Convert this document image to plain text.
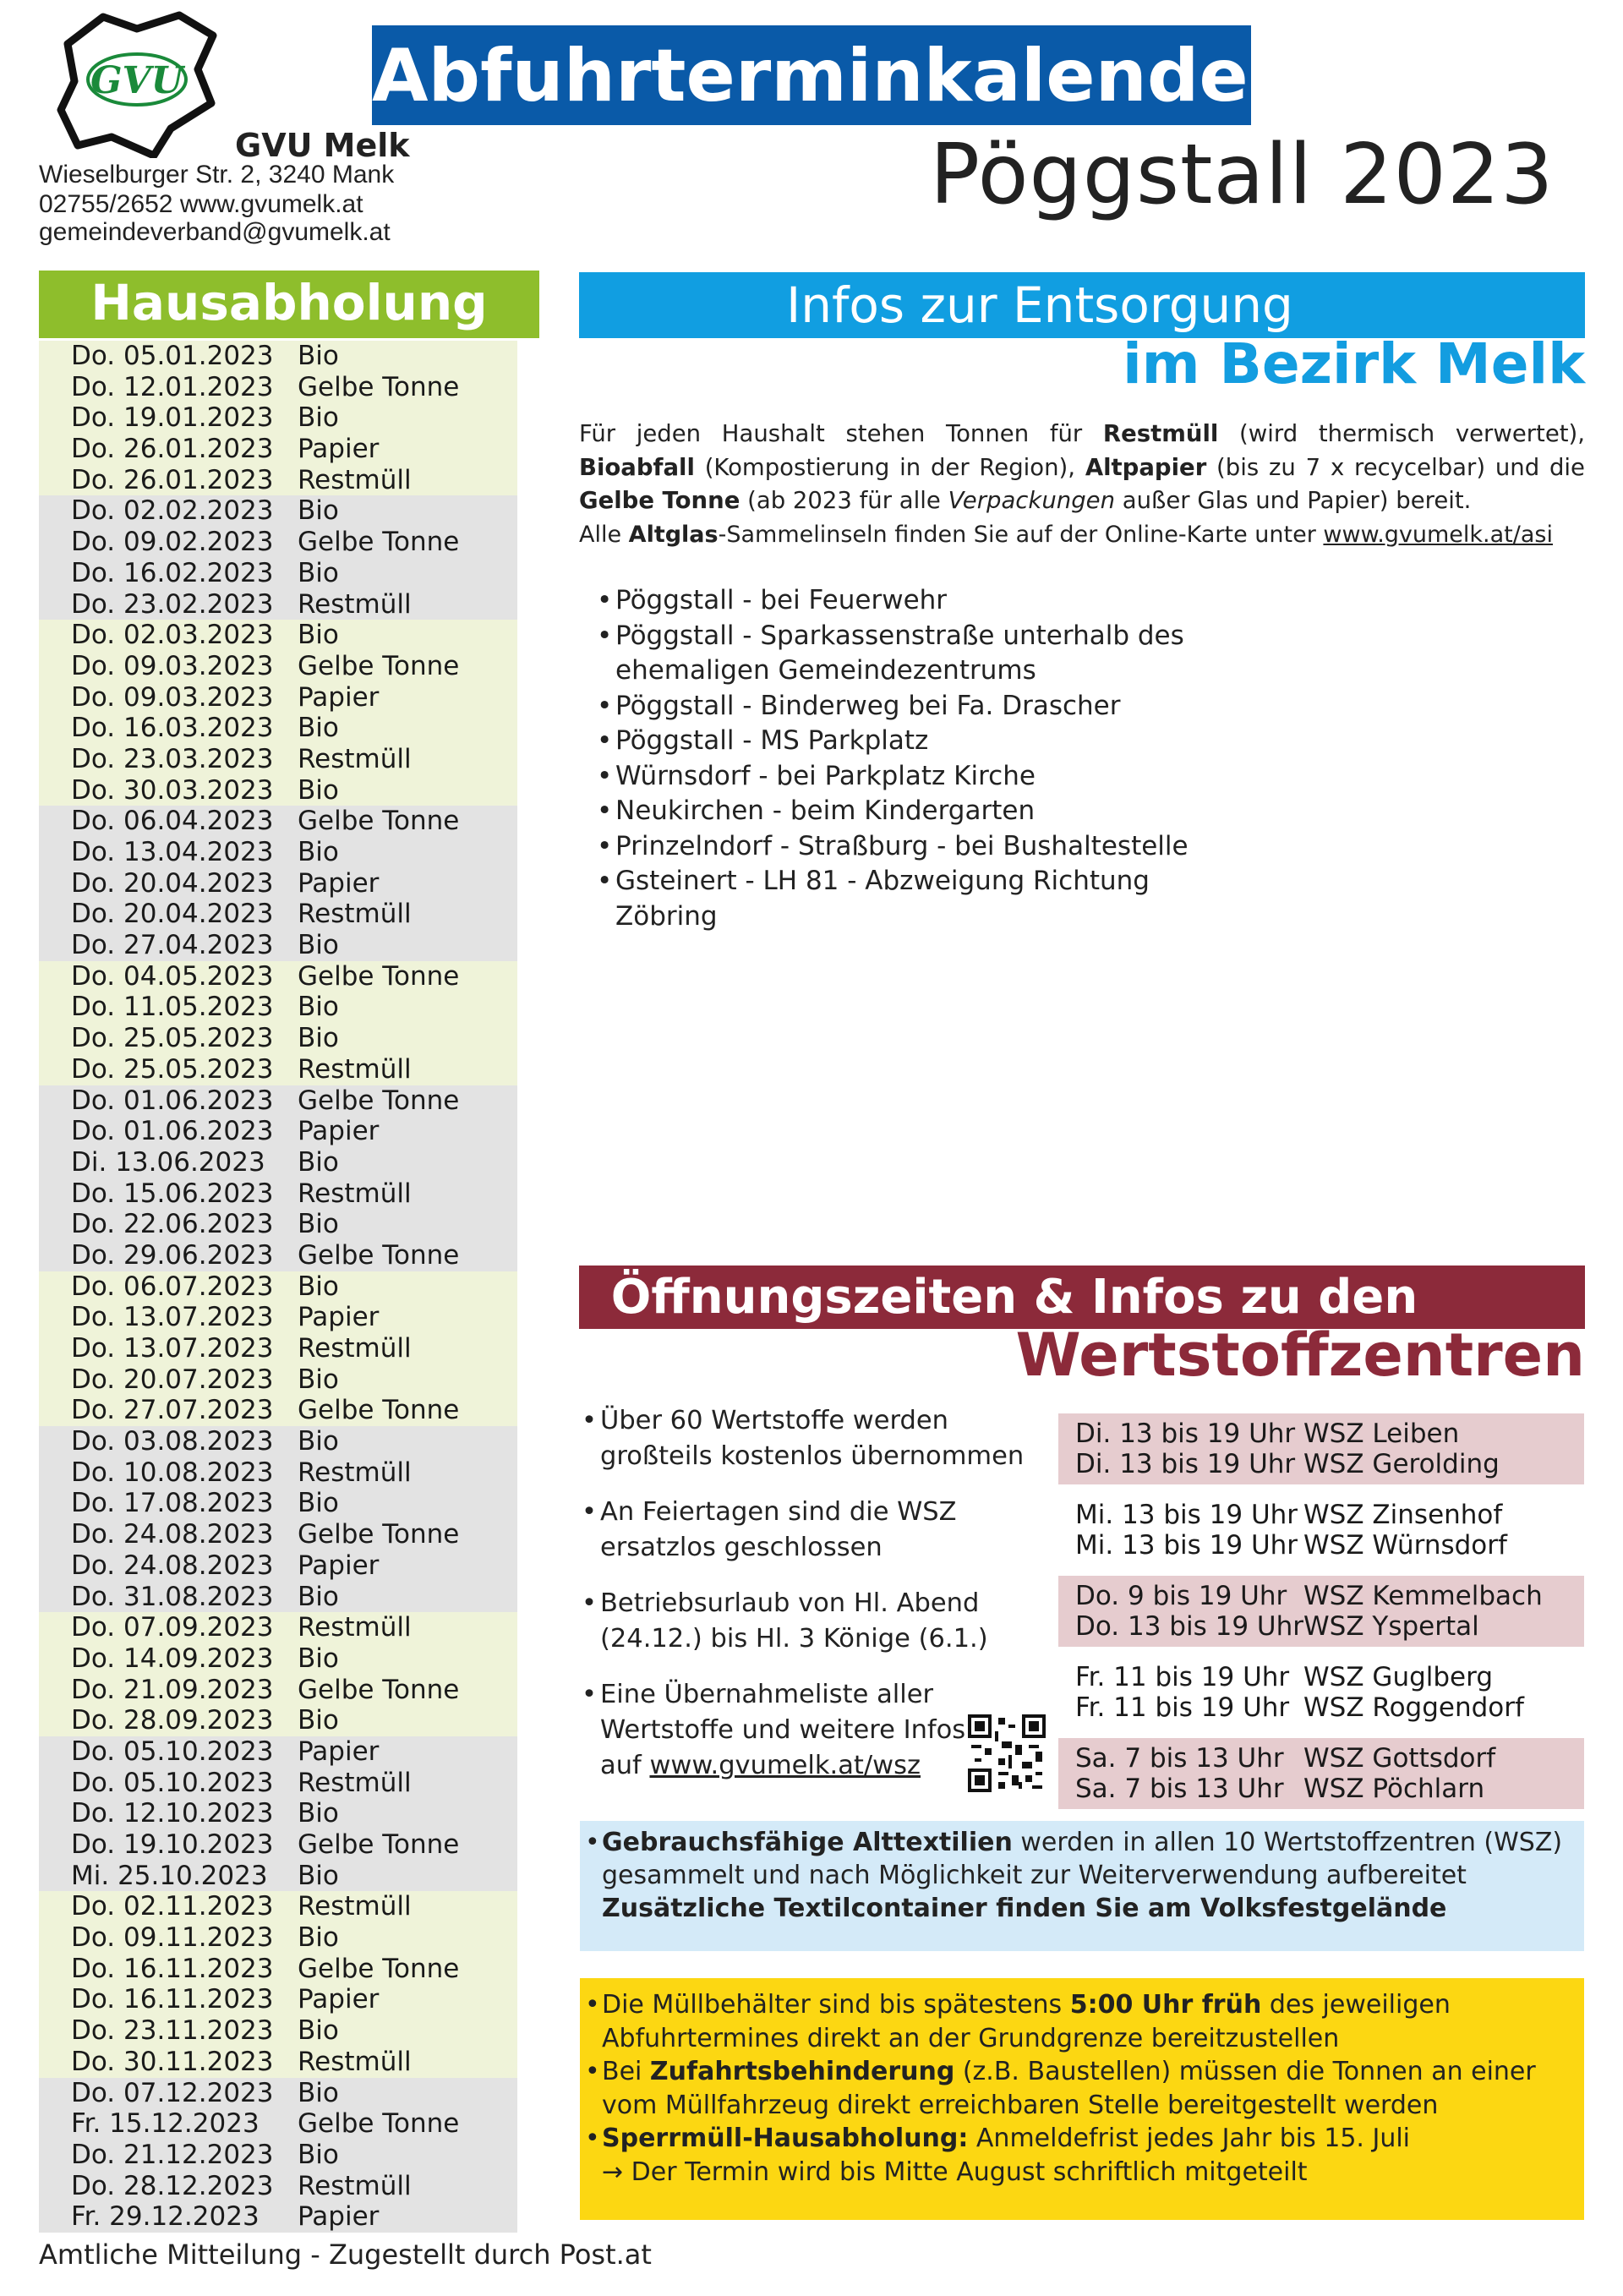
Abfuhrterminkalender
GVU
GVU Melk
Wieselburger Str. 2, 3240 Mank
02755/2652 www.gvumelk.at
gemeindeverband@gvumelk.at
Pöggstall 2023
Hausabholung
Do. 05.01.2023 Bio
Do. 12.01.2023 Gelbe Tonne
Do. 19.01.2023 Bio
Do. 26.01.2023 Papier
Do. 26.01.2023 Restmüll
Do. 02.02.2023 Bio
Do. 09.02.2023 Gelbe Tonne
Do. 16.02.2023 Bio
Do. 23.02.2023 Restmüll
Do. 02.03.2023 Bio
Do. 09.03.2023 Gelbe Tonne
Do. 09.03.2023 Papier
Do. 16.03.2023 Bio
Do. 23.03.2023 Restmüll
Do. 30.03.2023 Bio
Do. 06.04.2023 Gelbe Tonne
Do. 13.04.2023 Bio
Do. 20.04.2023 Papier
Do. 20.04.2023 Restmüll
Do. 27.04.2023 Bio
Do. 04.05.2023 Gelbe Tonne
Do. 11.05.2023 Bio
Do. 25.05.2023 Bio
Do. 25.05.2023 Restmüll
Do. 01.06.2023 Gelbe Tonne
Do. 01.06.2023 Papier
Di. 13.06.2023 Bio
Do. 15.06.2023 Restmüll
Do. 22.06.2023 Bio
Do. 29.06.2023 Gelbe Tonne
Do. 06.07.2023 Bio
Do. 13.07.2023 Papier
Do. 13.07.2023 Restmüll
Do. 20.07.2023 Bio
Do. 27.07.2023 Gelbe Tonne
Do. 03.08.2023 Bio
Do. 10.08.2023 Restmüll
Do. 17.08.2023 Bio
Do. 24.08.2023 Gelbe Tonne
Do. 24.08.2023 Papier
Do. 31.08.2023 Bio
Do. 07.09.2023 Restmüll
Do. 14.09.2023 Bio
Do. 21.09.2023 Gelbe Tonne
Do. 28.09.2023 Bio
Do. 05.10.2023 Papier
Do. 05.10.2023 Restmüll
Do. 12.10.2023 Bio
Do. 19.10.2023 Gelbe Tonne
Mi. 25.10.2023 Bio
Do. 02.11.2023 Restmüll
Do. 09.11.2023 Bio
Do. 16.11.2023 Gelbe Tonne
Do. 16.11.2023 Papier
Do. 23.11.2023 Bio
Do. 30.11.2023 Restmüll
Do. 07.12.2023 Bio
Fr. 15.12.2023 Gelbe Tonne
Do. 21.12.2023 Bio
Do. 28.12.2023 Restmüll
Fr. 29.12.2023 Papier
Amtliche Mitteilung - Zugestellt durch Post.at
Infos zur Entsorgung
im Bezirk Melk
Für jeden Haushalt stehen Tonnen für Restmüll (wird thermisch verwertet), Bioabfall (Kompostierung in der Region), Altpapier (bis zu 7 x recycelbar) und die Gelbe Tonne (ab 2023 für alle Verpackungen außer Glas und Papier) bereit.
Alle Altglas-Sammelinseln finden Sie auf der Online-Karte unter www.gvumelk.at/asi
• Pöggstall - bei Feuerwehr
• Pöggstall - Sparkassenstraße unterhalb des ehemaligen Gemeindezentrums
• Pöggstall - Binderweg bei Fa. Drascher
• Pöggstall - MS Parkplatz
• Würnsdorf - bei Parkplatz Kirche
• Neukirchen - beim Kindergarten
• Prinzelndorf - Straßburg - bei Bushaltestelle
• Gsteinert - LH 81 - Abzweigung Richtung Zöbring
Öffnungszeiten & Infos zu den
Wertstoffzentren
• Über 60 Wertstoffe werden großteils kostenlos übernommen
• An Feiertagen sind die WSZ ersatzlos geschlossen
• Betriebsurlaub von Hl. Abend (24.12.) bis Hl. 3 Könige (6.1.)
• Eine Übernahmeliste aller Wertstoffe und weitere Infos auf www.gvumelk.at/wsz
Di. 13 bis 19 Uhr WSZ Leiben
Di. 13 bis 19 Uhr WSZ Gerolding
Mi. 13 bis 19 Uhr WSZ Zinsenhof
Mi. 13 bis 19 Uhr WSZ Würnsdorf
Do. 9 bis 19 Uhr WSZ Kemmelbach
Do. 13 bis 19 Uhr WSZ Yspertal
Fr. 11 bis 19 Uhr WSZ Guglberg
Fr. 11 bis 19 Uhr WSZ Roggendorf
Sa. 7 bis 13 Uhr WSZ Gottsdorf
Sa. 7 bis 13 Uhr WSZ Pöchlarn
• Gebrauchsfähige Alttextilien werden in allen 10 Wertstoffzentren (WSZ)
gesammelt und nach Möglichkeit zur Weiterverwendung aufbereitet
Zusätzliche Textilcontainer finden Sie am Volksfestgelände
• Die Müllbehälter sind bis spätestens 5:00 Uhr früh des jeweiligen
Abfuhrtermines direkt an der Grundgrenze bereitzustellen
• Bei Zufahrtsbehinderung (z.B. Baustellen) müssen die Tonnen an einer
vom Müllfahrzeug direkt erreichbaren Stelle bereitgestellt werden
• Sperrmüll-Hausabholung: Anmeldefrist jedes Jahr bis 15. Juli
→ Der Termin wird bis Mitte August schriftlich mitgeteilt
